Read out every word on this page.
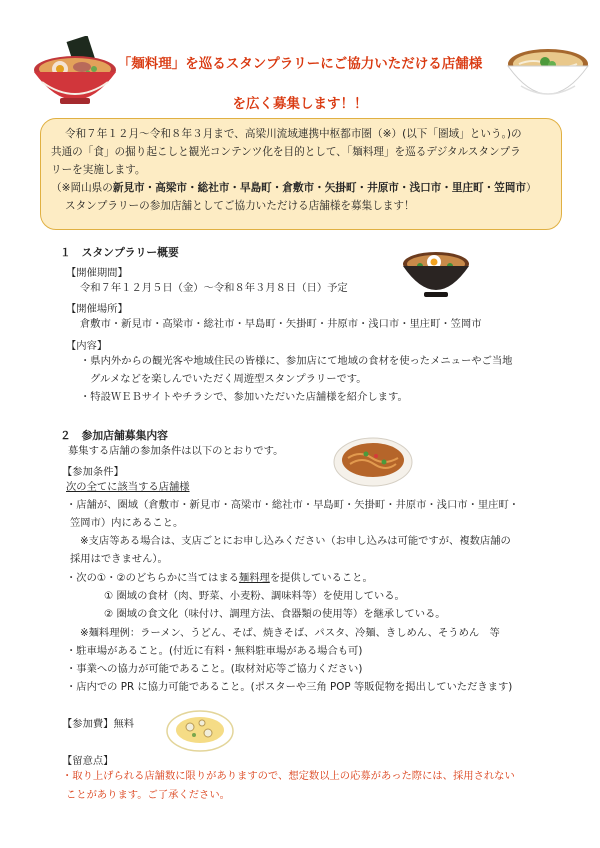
「麺料理」を巡るスタンプラリーにご協力いただける店舗様
を広く募集します！！
令和７年１２月～令和８年３月まで、高梁川流域連携中枢都市圏（※）(以下「圏域」という。)の
共通の「食」の掘り起こしと観光コンテンツ化を目的として、「麺料理」を巡るデジタルスタンプラ
リーを実施します。
（※岡山県の新見市・高梁市・総社市・早島町・倉敷市・矢掛町・井原市・浅口市・里庄町・笠岡市）
スタンプラリーの参加店舗としてご協力いただける店舗様を募集します！
１　スタンプラリー概要
【開催期間】
令和７年１２月５日（金）～令和８年３月８日（日）予定
【開催場所】
倉敷市・新見市・高梁市・総社市・早島町・矢掛町・井原市・浅口市・里庄町・笠岡市
【内容】
・県内外からの観光客や地域住民の皆様に、参加店にて地域の食材を使ったメニューやご当地
グルメなどを楽しんでいただく周遊型スタンプラリーです。
・特設ＷＥＢサイトやチラシで、参加いただいた店舗様を紹介します。
２　参加店舗募集内容
募集する店舗の参加条件は以下のとおりです。
【参加条件】
次の全てに該当する店舗様
・店舗が、圏域（倉敷市・新見市・高梁市・総社市・早島町・矢掛町・井原市・浅口市・里庄町・
笠岡市）内にあること。
※支店等ある場合は、支店ごとにお申し込みください（お申し込みは可能ですが、複数店舗の
採用はできません）。
・次の①・②のどちらかに当てはまる麺料理を提供していること。
① 圏域の食材（肉、野菜、小麦粉、調味料等）を使用している。
② 圏域の食文化（味付け、調理方法、食器類の使用等）を継承している。
※麺料理例：ラーメン、うどん、そば、焼きそば、パスタ、冷麺、きしめん、そうめん　等
・駐車場があること。(付近に有料・無料駐車場がある場合も可)
・事業への協力が可能であること。(取材対応等ご協力ください)
・店内での PR に協力可能であること。(ポスターや三角 POP 等販促物を掲出していただきます)
【参加費】無料
【留意点】
・取り上げられる店舗数に限りがありますので、想定数以上の応募があった際には、採用されない
ことがあります。ご了承ください。
